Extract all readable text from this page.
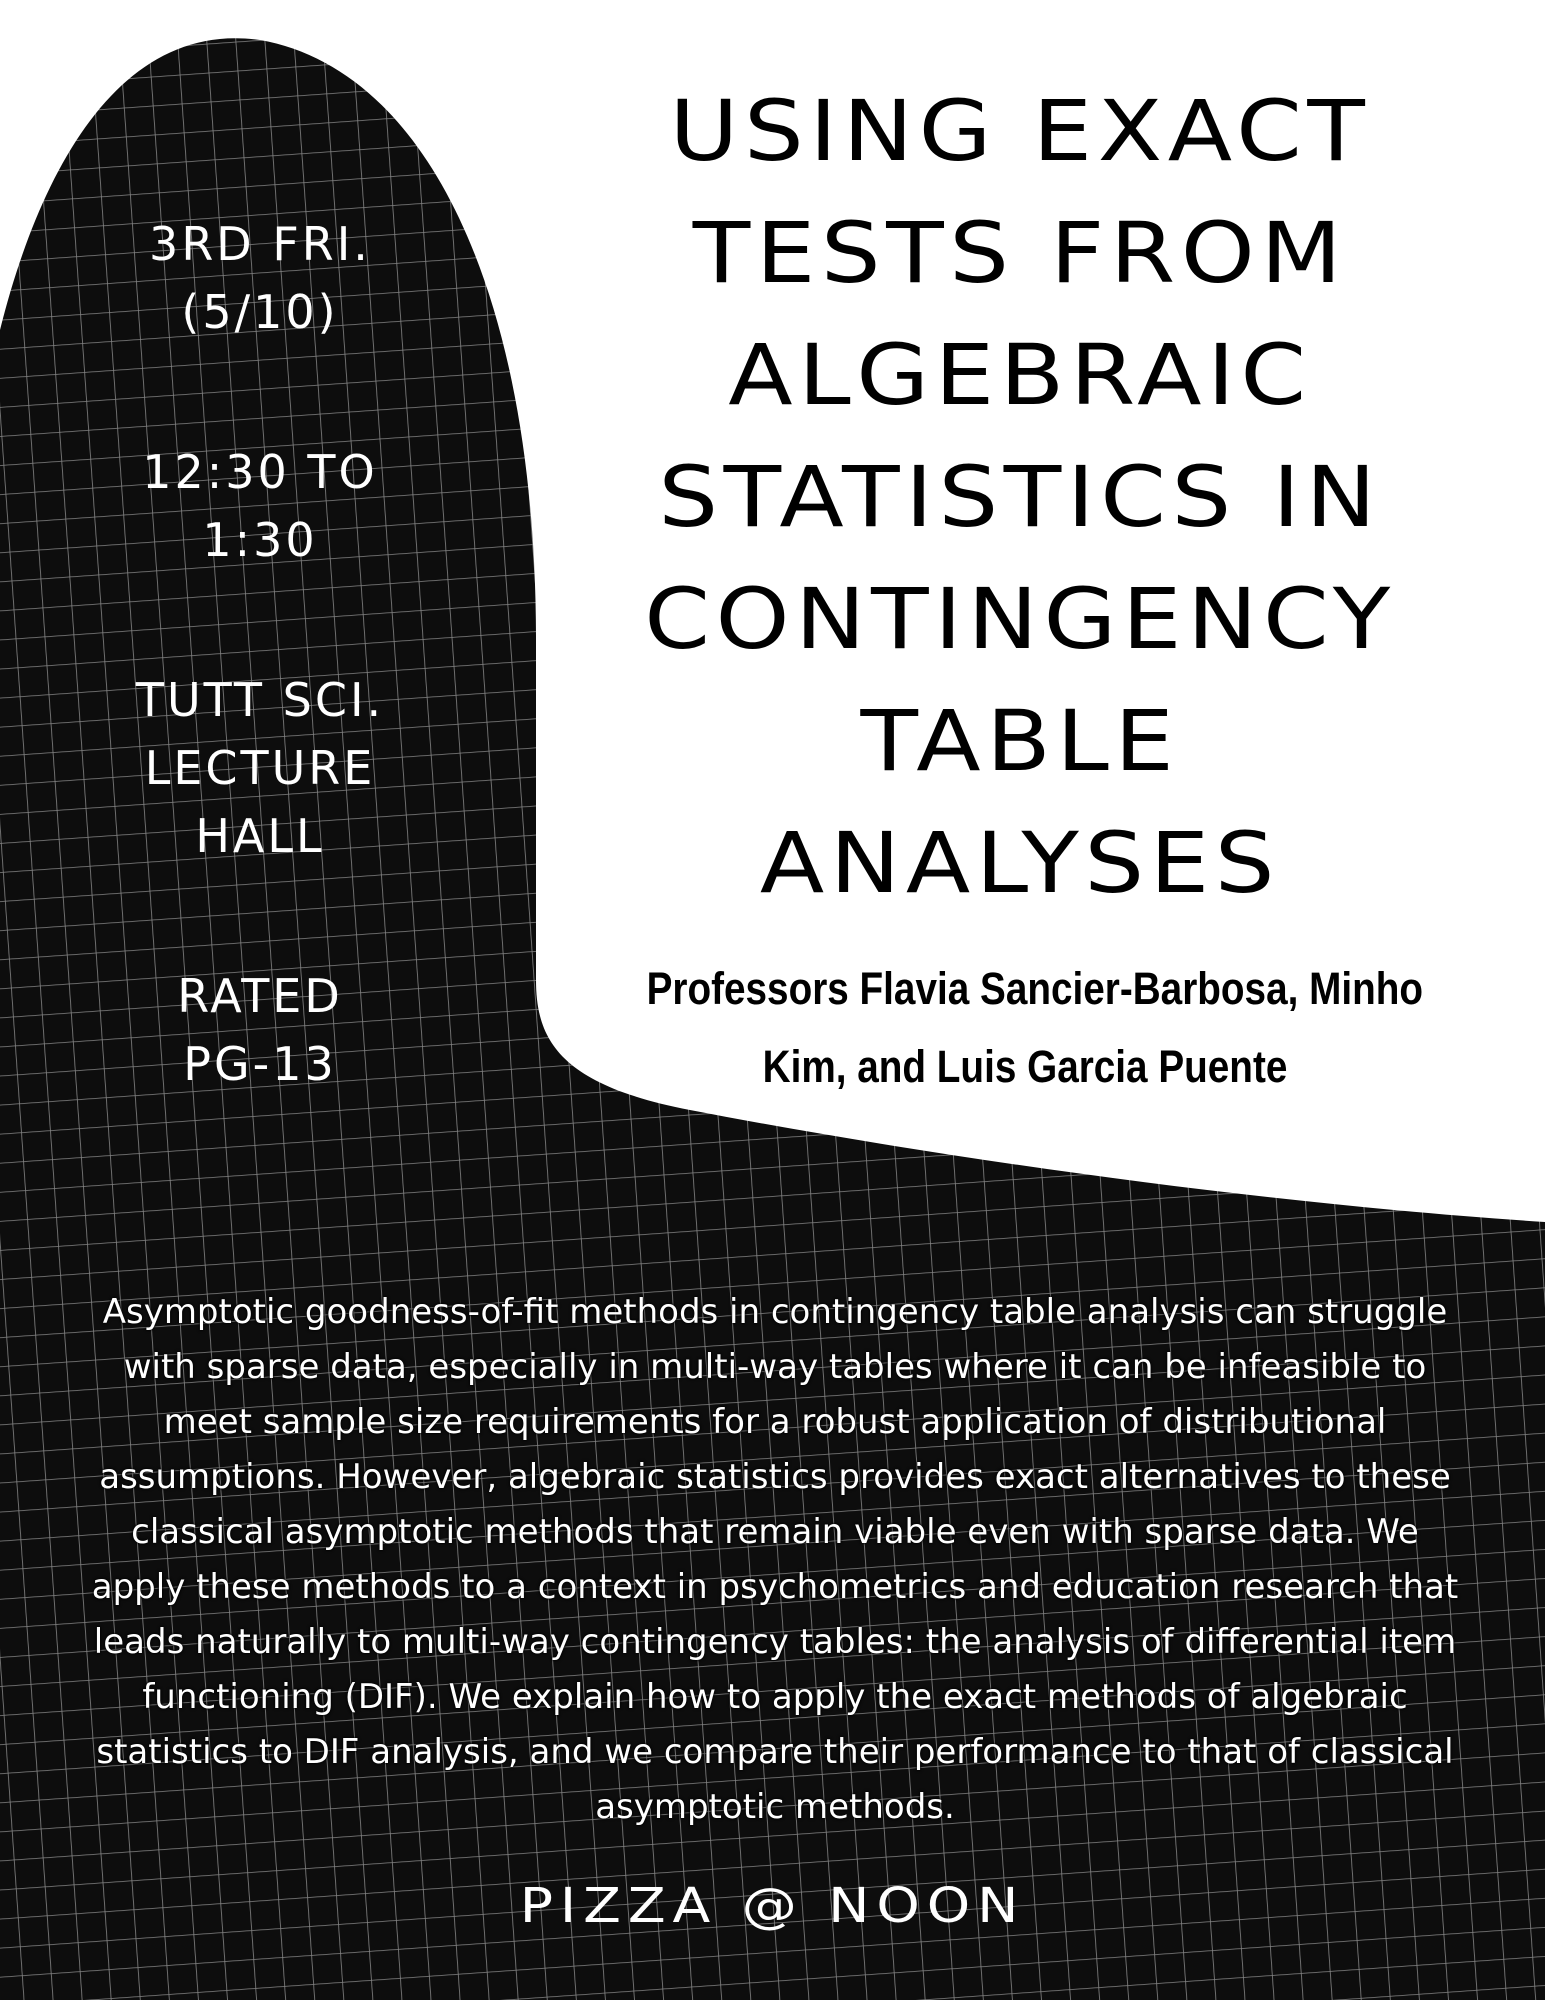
USING EXACT
TESTS FROM
ALGEBRAIC
STATISTICS IN
CONTINGENCY
TABLE
ANALYSES
Professors Flavia Sancier-Barbosa, Minho
Kim, and Luis Garcia Puente
3RD FRI.
(5/10)
12:30 TO
1:30
TUTT SCI.
LECTURE
HALL
RATED
PG-13
Asymptotic goodness-of-fit methods in contingency table analysis can struggle with sparse data, especially in multi-way tables where it can be infeasible to meet sample size requirements for a robust application of distributional assumptions. However, algebraic statistics provides exact alternatives to these classical asymptotic methods that remain viable even with sparse data. We apply these methods to a context in psychometrics and education research that leads naturally to multi-way contingency tables: the analysis of differential item functioning (DIF). We explain how to apply the exact methods of algebraic statistics to DIF analysis, and we compare their performance to that of classical asymptotic methods.
PIZZA @ NOON
